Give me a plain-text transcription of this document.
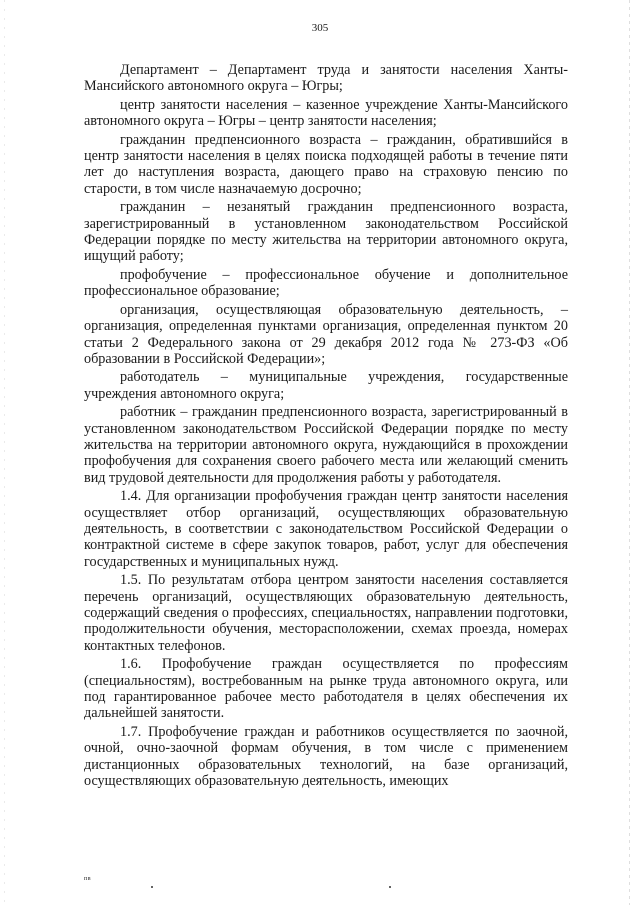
305

Департамент – Департамент труда и занятости населения Ханты-Мансийского автономного округа – Югры;

центр занятости населения – казенное учреждение Ханты-Мансийского автономного округа – Югры – центр занятости населения;

гражданин предпенсионного возраста – гражданин, обратившийся в центр занятости населения в целях поиска подходящей работы в течение пяти лет до наступления возраста, дающего право на страховую пенсию по старости, в том числе назначаемую досрочно;

гражданин – незанятый гражданин предпенсионного возраста, зарегистрированный в установленном законодательством Российской Федерации порядке по месту жительства на территории автономного округа, ищущий работу;

профобучение – профессиональное обучение и дополнительное профессиональное образование;

организация, осуществляющая образовательную деятельность, – организация, определенная пунктами организация, определенная пунктом 20 статьи 2 Федерального закона от 29 декабря 2012 года № 273-ФЗ «Об образовании в Российской Федерации»;

работодатель – муниципальные учреждения, государственные учреждения автономного округа;

работник – гражданин предпенсионного возраста, зарегистрированный в установленном законодательством Российской Федерации порядке по месту жительства на территории автономного округа, нуждающийся в прохождении профобучения для сохранения своего рабочего места или желающий сменить вид трудовой деятельности для продолжения работы у работодателя.

1.4. Для организации профобучения граждан центр занятости населения осуществляет отбор организаций, осуществляющих образовательную деятельность, в соответствии с законодательством Российской Федерации о контрактной системе в сфере закупок товаров, работ, услуг для обеспечения государственных и муниципальных нужд.

1.5. По результатам отбора центром занятости населения составляется перечень организаций, осуществляющих образовательную деятельность, содержащий сведения о профессиях, специальностях, направлении подготовки, продолжительности обучения, месторасположении, схемах проезда, номерах контактных телефонов.

1.6. Профобучение граждан осуществляется по профессиям (специальностям), востребованным на рынке труда автономного округа, или под гарантированное рабочее место работодателя в целях обеспечения их дальнейшей занятости.

1.7. Профобучение граждан и работников осуществляется по заочной, очной, очно-заочной формам обучения, в том числе с применением дистанционных образовательных технологий, на базе организаций, осуществляющих образовательную деятельность, имеющих

пв
